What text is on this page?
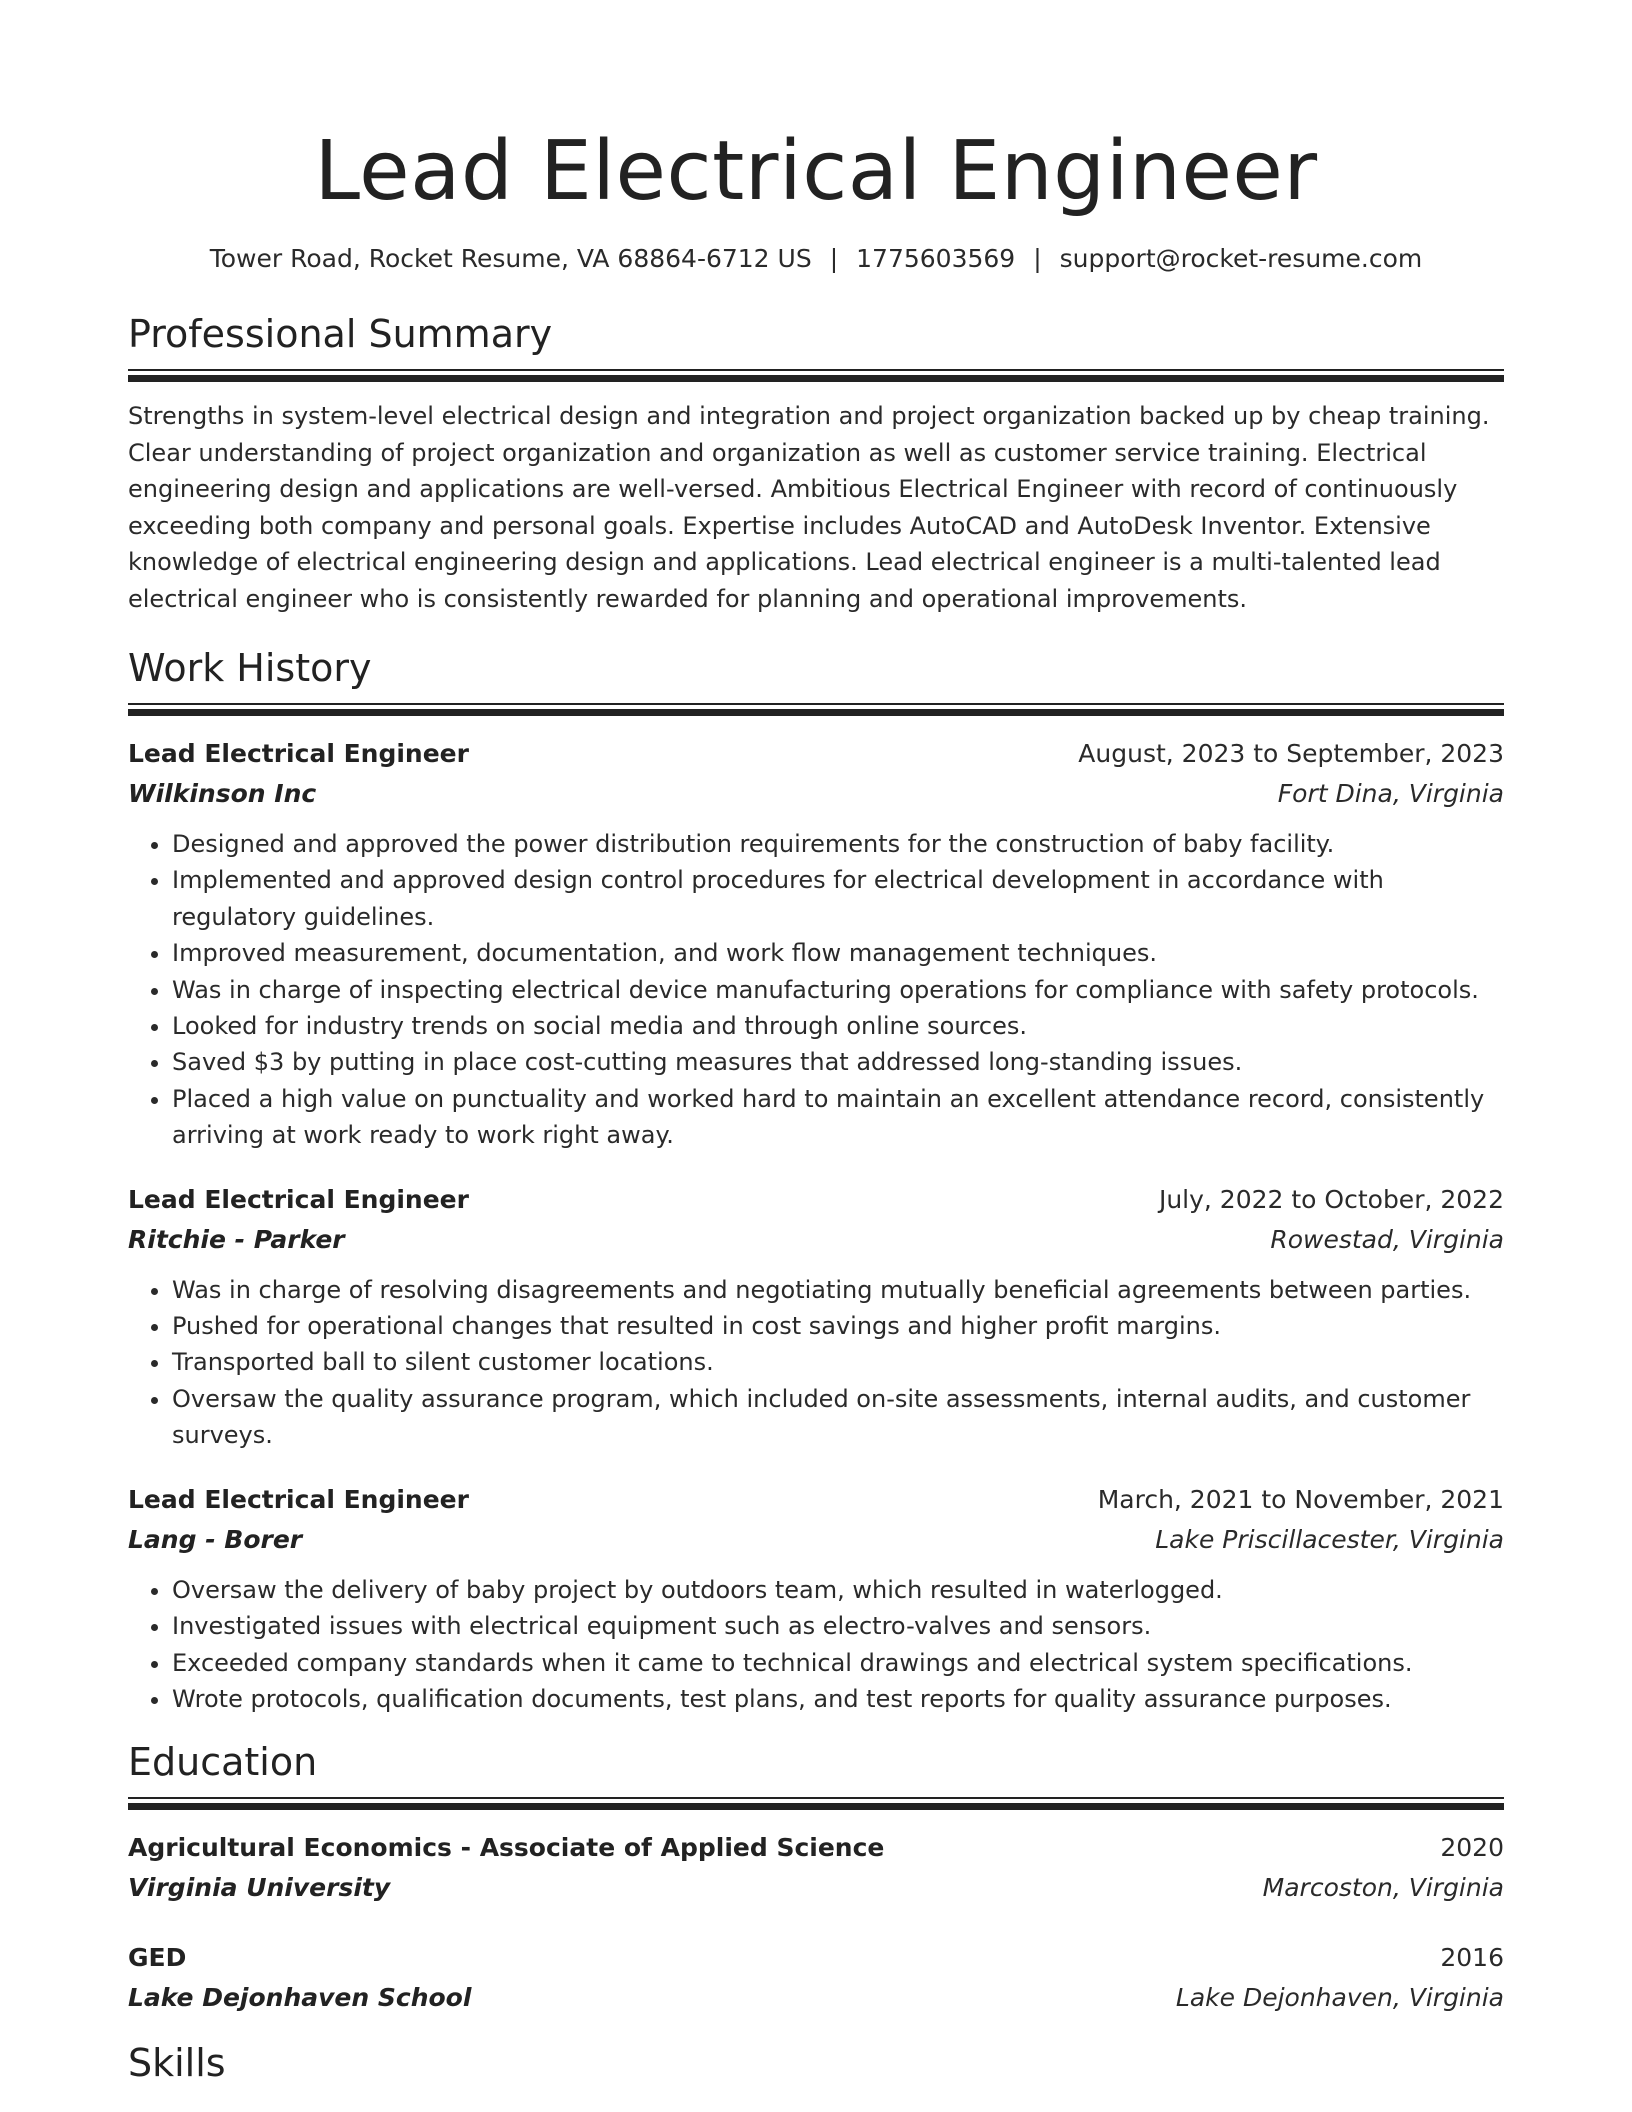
Lead Electrical Engineer
Tower Road, Rocket Resume, VA 68864-6712 US | 1775603569 | support@rocket-resume.com
Professional Summary
Strengths in system-level electrical design and integration and project organization backed up by cheap training. Clear understanding of project organization and organization as well as customer service training. Electrical engineering design and applications are well-versed. Ambitious Electrical Engineer with record of continuously exceeding both company and personal goals. Expertise includes AutoCAD and AutoDesk Inventor. Extensive knowledge of electrical engineering design and applications. Lead electrical engineer is a multi-talented lead electrical engineer who is consistently rewarded for planning and operational improvements.
Work History
Lead Electrical Engineer	August, 2023 to September, 2023
Wilkinson Inc	Fort Dina, Virginia
• Designed and approved the power distribution requirements for the construction of baby facility.
• Implemented and approved design control procedures for electrical development in accordance with regulatory guidelines.
• Improved measurement, documentation, and work flow management techniques.
• Was in charge of inspecting electrical device manufacturing operations for compliance with safety protocols.
• Looked for industry trends on social media and through online sources.
• Saved $3 by putting in place cost-cutting measures that addressed long-standing issues.
• Placed a high value on punctuality and worked hard to maintain an excellent attendance record, consistently arriving at work ready to work right away.
Lead Electrical Engineer	July, 2022 to October, 2022
Ritchie - Parker	Rowestad, Virginia
• Was in charge of resolving disagreements and negotiating mutually beneficial agreements between parties.
• Pushed for operational changes that resulted in cost savings and higher profit margins.
• Transported ball to silent customer locations.
• Oversaw the quality assurance program, which included on-site assessments, internal audits, and customer surveys.
Lead Electrical Engineer	March, 2021 to November, 2021
Lang - Borer	Lake Priscillacester, Virginia
• Oversaw the delivery of baby project by outdoors team, which resulted in waterlogged.
• Investigated issues with electrical equipment such as electro-valves and sensors.
• Exceeded company standards when it came to technical drawings and electrical system specifications.
• Wrote protocols, qualification documents, test plans, and test reports for quality assurance purposes.
Education
Agricultural Economics - Associate of Applied Science	2020
Virginia University	Marcoston, Virginia
GED	2016
Lake Dejonhaven School	Lake Dejonhaven, Virginia
Skills
